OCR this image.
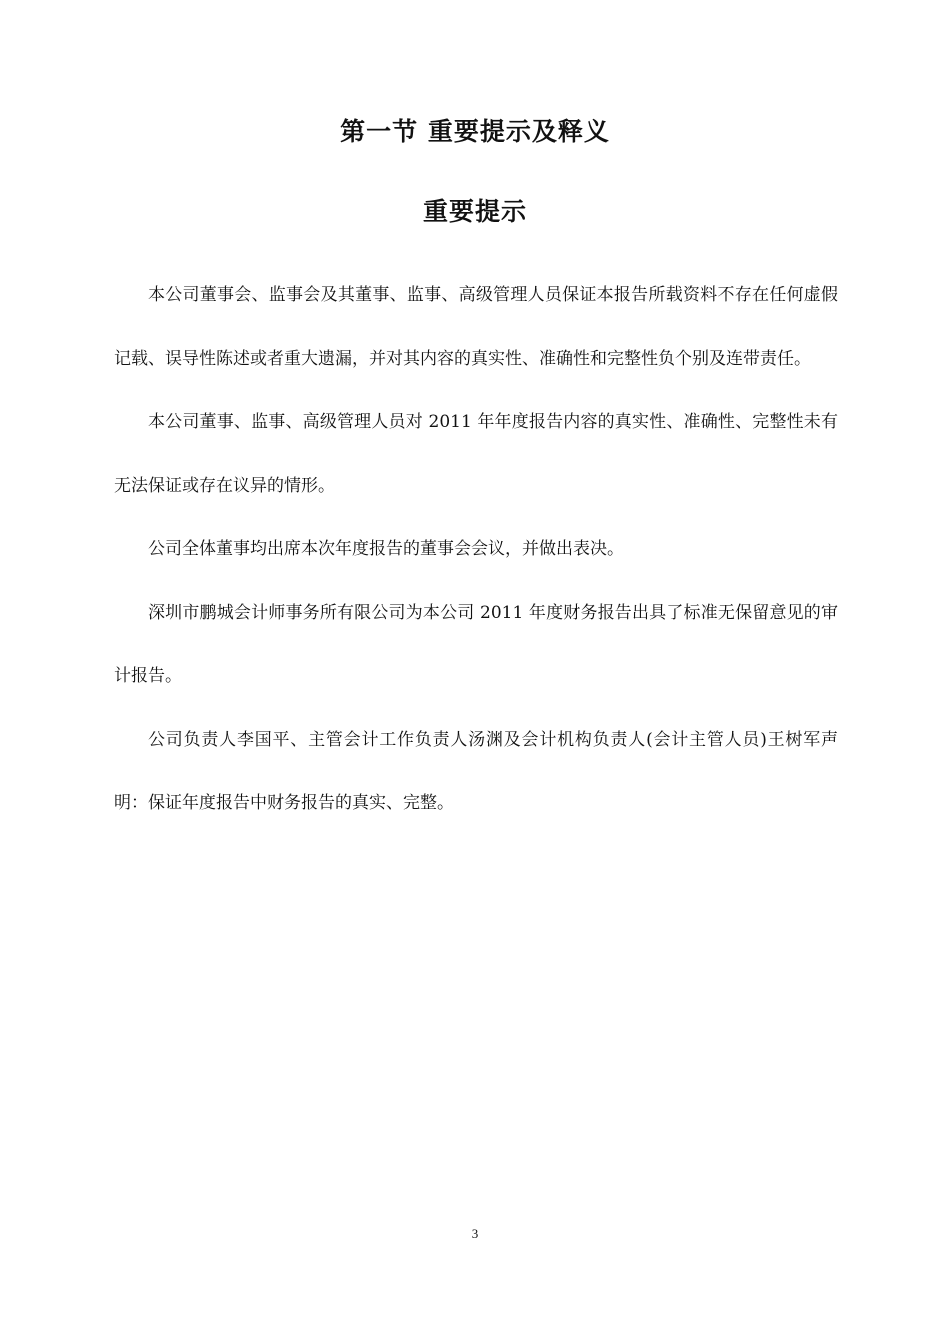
第一节 重要提示及释义
重要提示

本公司董事会、监事会及其董事、监事、高级管理人员保证本报告所载资料不存在任何虚假记载、误导性陈述或者重大遗漏，并对其内容的真实性、准确性和完整性负个别及连带责任。

本公司董事、监事、高级管理人员对 2011 年年度报告内容的真实性、准确性、完整性未有无法保证或存在议异的情形。

公司全体董事均出席本次年度报告的董事会会议，并做出表决。

深圳市鹏城会计师事务所有限公司为本公司 2011 年度财务报告出具了标准无保留意见的审计报告。

公司负责人李国平、主管会计工作负责人汤渊及会计机构负责人(会计主管人员)王树军声明：保证年度报告中财务报告的真实、完整。

3
